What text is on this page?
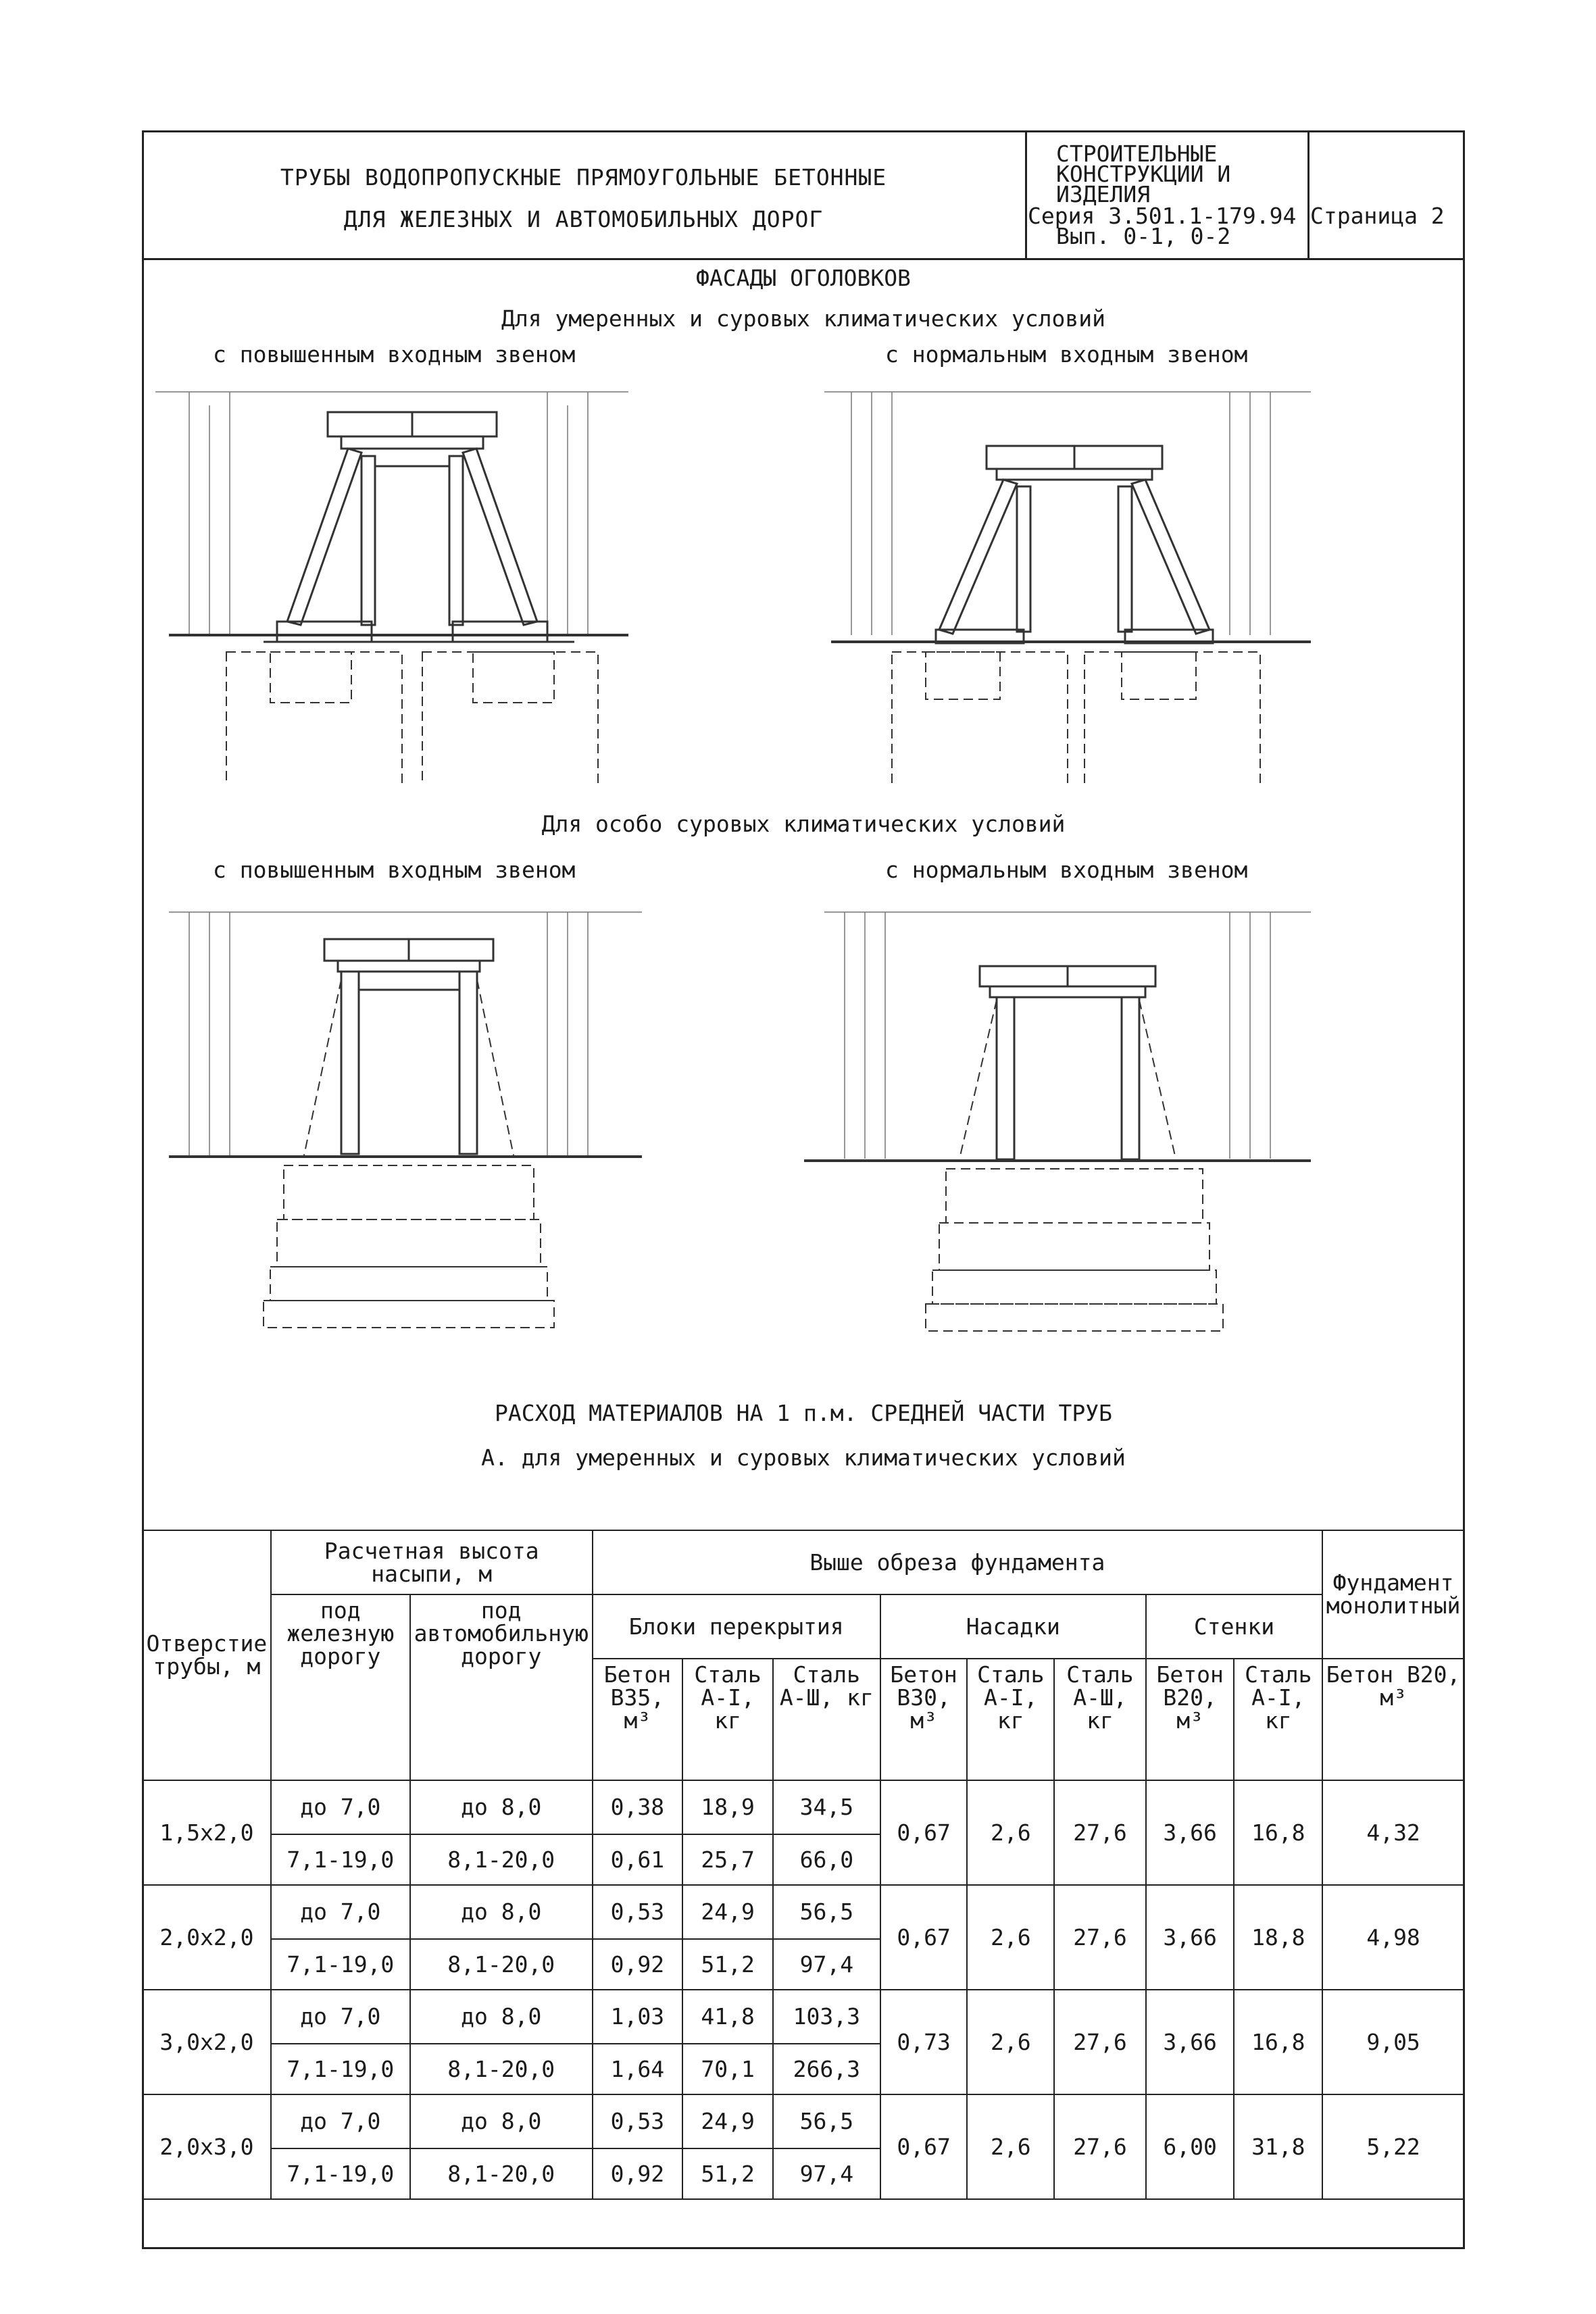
ТРУБЫ ВОДОПРОПУСКНЫЕ ПРЯМОУГОЛЬНЫЕ БЕТОННЫЕ
ДЛЯ ЖЕЛЕЗНЫХ И АВТОМОБИЛЬНЫХ ДОРОГ
СТРОИТЕЛЬНЫЕ
КОНСТРУКЦИИ И
ИЗДЕЛИЯ
Серия 3.501.1-179.94
Вып. 0-1, 0-2
Страница 2
ФАСАДЫ ОГОЛОВКОВ
Для умеренных и суровых климатических условий
с повышенным входным звеном	с нормальным входным звеном
Для особо суровых климатических условий
с повышенным входным звеном	с нормальным входным звеном
РАСХОД МАТЕРИАЛОВ НА 1 п.м. СРЕДНЕЙ ЧАСТИ ТРУБ
А. для умеренных и суровых климатических условий
Отверстие трубы, м	Расчетная высота насыпи, м		Выше обреза фундамента								Фундамент монолитный
	под железную дорогу	под автомобильную дорогу	Блоки перекрытия			Насадки			Стенки		
			Бетон В35, м³	Сталь А-I, кг	Сталь А-Ш, кг	Бетон В30, м³	Сталь А-I, кг	Сталь А-Ш, кг	Бетон В20, м³	Сталь А-I, кг	Бетон В20, м³
1,5x2,0	до 7,0	до 8,0	0,38	18,9	34,5	0,67	2,6	27,6	3,66	16,8	4,32
	7,1-19,0	8,1-20,0	0,61	25,7	66,0						
2,0x2,0	до 7,0	до 8,0	0,53	24,9	56,5	0,67	2,6	27,6	3,66	18,8	4,98
	7,1-19,0	8,1-20,0	0,92	51,2	97,4						
3,0x2,0	до 7,0	до 8,0	1,03	41,8	103,3	0,73	2,6	27,6	3,66	16,8	9,05
	7,1-19,0	8,1-20,0	1,64	70,1	266,3						
2,0x3,0	до 7,0	до 8,0	0,53	24,9	56,5	0,67	2,6	27,6	6,00	31,8	5,22
	7,1-19,0	8,1-20,0	0,92	51,2	97,4						
